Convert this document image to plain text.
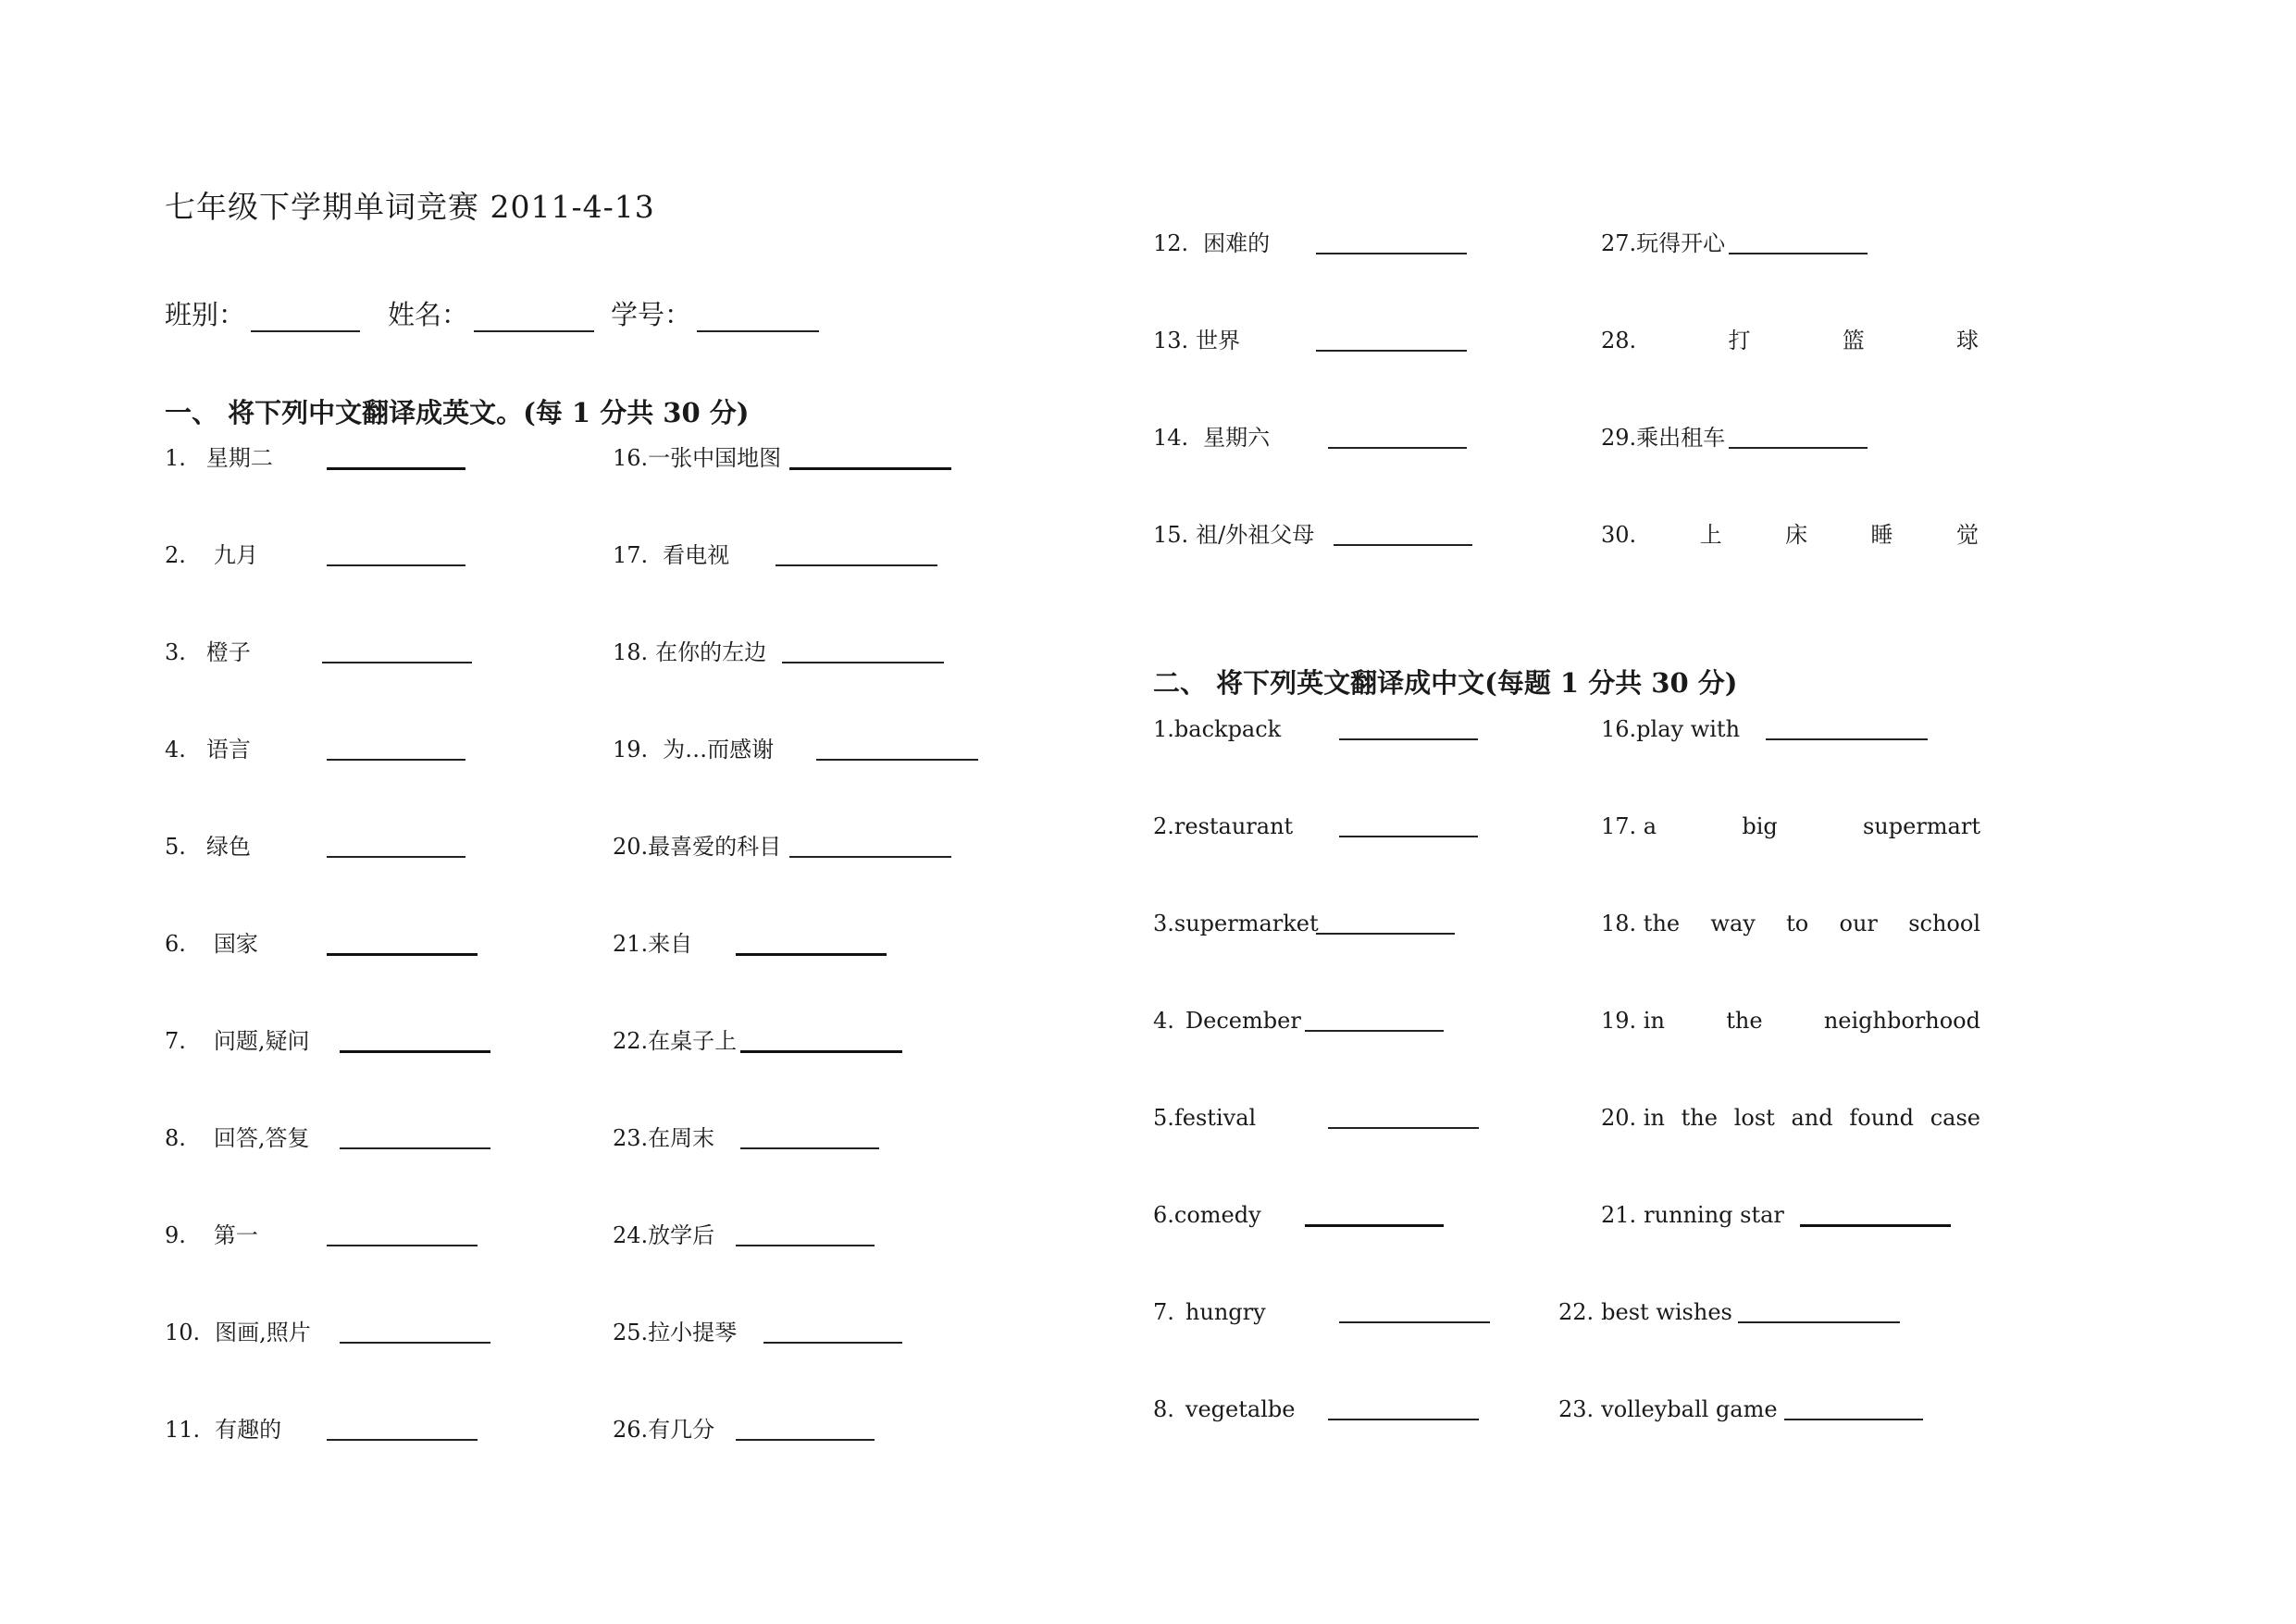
七年级下学期单词竞赛 2011-4-13
班别：	姓名：	学号：
一、 将下列中文翻译成英文。(每 1 分共 30 分)
二、 将下列英文翻译成中文(每题 1 分共 30 分)
1. 星期二
2. 九月
3. 橙子
4. 语言
5. 绿色
6. 国家
7. 问题,疑问
8. 回答,答复
9. 第一
10. 图画,照片
11. 有趣的
16.一张中国地图
17. 看电视
18. 在你的左边
19. 为…而感谢
20.最喜爱的科目
21.来自
22.在桌子上
23.在周末
24.放学后
25.拉小提琴
26.有几分
12. 困难的
13. 世界
14. 星期六
15. 祖/外祖父母
27.玩得开心
28.	打	篮	球
29.乘出租车
30.	上	床	睡	觉
1.backpack
2.restaurant
3.supermarket
4. December
5.festival
6.comedy
7. hungry
8. vegetalbe
16.play with
17. a	big	supermart
18. the way to our school
19. in	the	neighborhood
20. in the lost and found case
21. running star
22. best wishes
23. volleyball game
